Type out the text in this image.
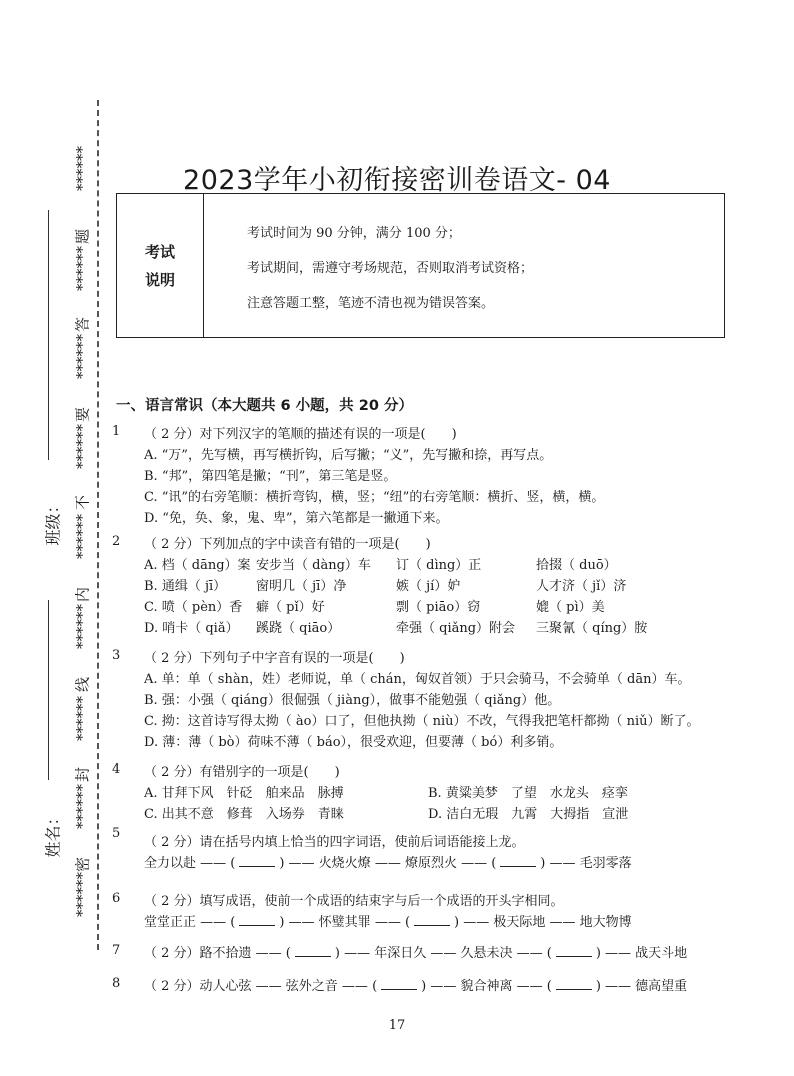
******
题
******
答
******
要
******
不
******
内
******
线
******
封
******
密
******
班级：
姓名：
2023学年小初衔接密训卷语文- 04
考试
说明
考试时间为 90 分钟，满分 100 分；
考试期间，需遵守考场规范，否则取消考试资格；
注意答题工整，笔迹不清也视为错误答案。
一、语言常识（本大题共 6 小题，共 20 分）
1 （ 2 分）对下列汉字的笔顺的描述有误的一项是(　　)
A. “万”，先写横，再写横折钩，后写撇；“义”，先写撇和捺，再写点。
B. “邦”，第四笔是撇；“刊”，第三笔是竖。
C. “讯”的右旁笔顺：横折弯钩，横，竖；“纽”的右旁笔顺：横折、竖，横，横。
D. “免，奂、象，鬼、卑”，第六笔都是一撇通下来。
2 （ 2 分）下列加点的字中读音有错的一项是(　　)
A. 档（ dāng）案 安步当（ dàng）车	订（ dìng）正	拾掇（ duō）
B. 通缉（ jī）	窗明几（ jī）净	嫉（ jí）妒	人才济（ jǐ）济
C. 喷（ pèn）香	癖（ pǐ）好	剽（ piāo）窃	媲（ pì）美
D. 哨卡（ qiǎ）	蹊跷（ qiāo）	牵强（ qiǎng）附会	三聚氰（ qíng）胺
3 （ 2 分）下列句子中字音有误的一项是(　　)
A. 单：单（ shàn，姓）老师说，单（ chán，匈奴首领）于只会骑马，不会骑单（ dān）车。
B. 强：小强（ qiáng）很倔强（ jiàng），做事不能勉强（ qiǎng）他。
C. 拗：这首诗写得太拗（ ào）口了，但他执拗（ niù）不改，气得我把笔杆都拗（ niǔ）断了。
D. 薄：薄（ bò）荷味不薄（ báo），很受欢迎，但要薄（ bó）利多销。
4 （ 2 分）有错别字的一项是(　　)
A. 甘拜下风　针砭　舶来品　脉搏	B. 黄粱美梦　了望　水龙头　痉挛
C. 出其不意　修葺　入场券　青睐	D. 洁白无瑕　九霄　大拇指　宣泄
5
（ 2 分）请在括号内填上恰当的四字词语，使前后词语能接上龙。
全力以赴 —— (	) —— 火烧火燎 —— 燎原烈火 —— (	) —— 毛羽零落
6 （ 2 分）填写成语，使前一个成语的结束字与后一个成语的开头字相同。
堂堂正正 —— (	) —— 怀璧其罪 —— (	) —— 极天际地 —— 地大物博
7 （ 2 分）路不拾遗 —— (	) —— 年深日久 —— 久悬未决 —— (	) —— 战天斗地
8 （ 2 分）动人心弦 —— 弦外之音 —— (	) —— 貌合神离 —— (	) —— 德高望重
17
